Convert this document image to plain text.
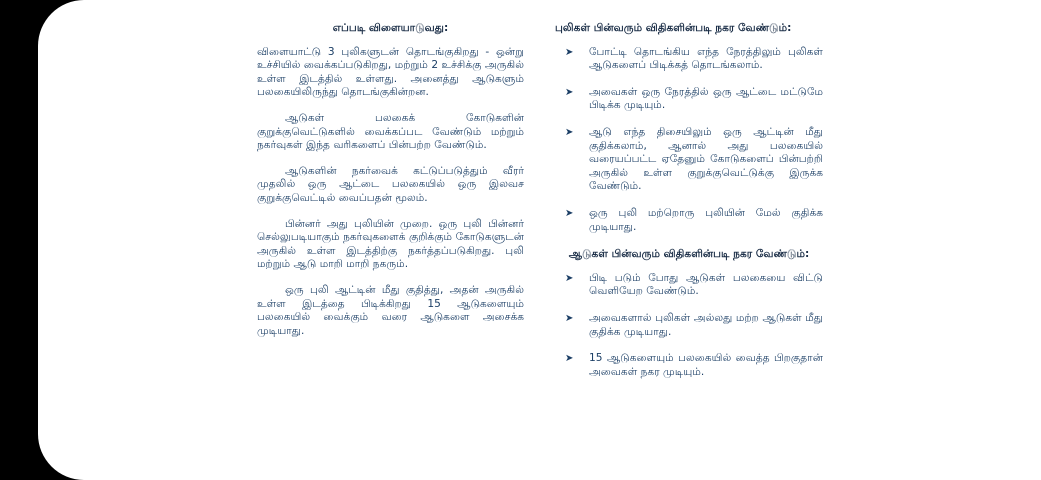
எப்படி விளையாடுவது:

விளையாட்டு 3 புலிகளுடன் தொடங்குகிறது - ஒன்று உச்சியில் வைக்கப்படுகிறது, மற்றும் 2 உச்சிக்கு அருகில் உள்ள இடத்தில் உள்ளது. அனைத்து ஆடுகளும் பலகையிலிருந்து தொடங்குகின்றன.

ஆடுகள் பலகைக் கோடுகளின் குறுக்குவெட்டுகளில் வைக்கப்பட வேண்டும் மற்றும் நகர்வுகள் இந்த வரிகளைப் பின்பற்ற வேண்டும்.

ஆடுகளின் நகர்வைக் கட்டுப்படுத்தும் வீரர் முதலில் ஒரு ஆட்டை பலகையில் ஒரு இலவச குறுக்குவெட்டில் வைப்பதன் மூலம்.

பின்னர் அது புலியின் முறை. ஒரு புலி பின்னர் செல்லுபடியாகும் நகர்வுகளைக் குறிக்கும் கோடுகளுடன் அருகில் உள்ள இடத்திற்கு நகர்த்தப்படுகிறது. புலி மற்றும் ஆடு மாறி மாறி நகரும்.

ஒரு புலி ஆட்டின் மீது குதித்து, அதன் அருகில் உள்ள இடத்தை பிடிக்கிறது 15 ஆடுகளையும் பலகையில் வைக்கும் வரை ஆடுகளை அசைக்க முடியாது.

புலிகள் பின்வரும் விதிகளின்படி நகர வேண்டும்:
➤ போட்டி தொடங்கிய எந்த நேரத்திலும் புலிகள் ஆடுகளைப் பிடிக்கத் தொடங்கலாம்.
➤ அவைகள் ஒரு நேரத்தில் ஒரு ஆட்டை மட்டுமே பிடிக்க முடியும்.
➤ ஆடு எந்த திசையிலும் ஒரு ஆட்டின் மீது குதிக்கலாம், ஆனால் அது பலகையில் வரையப்பட்ட ஏதேனும் கோடுகளைப் பின்பற்றி அருகில் உள்ள குறுக்குவெட்டுக்கு இருக்க வேண்டும்.
➤ ஒரு புலி மற்றொரு புலியின் மேல் குதிக்க முடியாது.
ஆடுகள் பின்வரும் விதிகளின்படி நகர வேண்டும்:
➤ பிடி படும் போது ஆடுகள் பலகையை விட்டு வெளியேற வேண்டும்.
➤ அவைகளால் புலிகள் அல்லது மற்ற ஆடுகள் மீது குதிக்க முடியாது.
➤ 15 ஆடுகளையும் பலகையில் வைத்த பிறகுதான் அவைகள் நகர முடியும்.
